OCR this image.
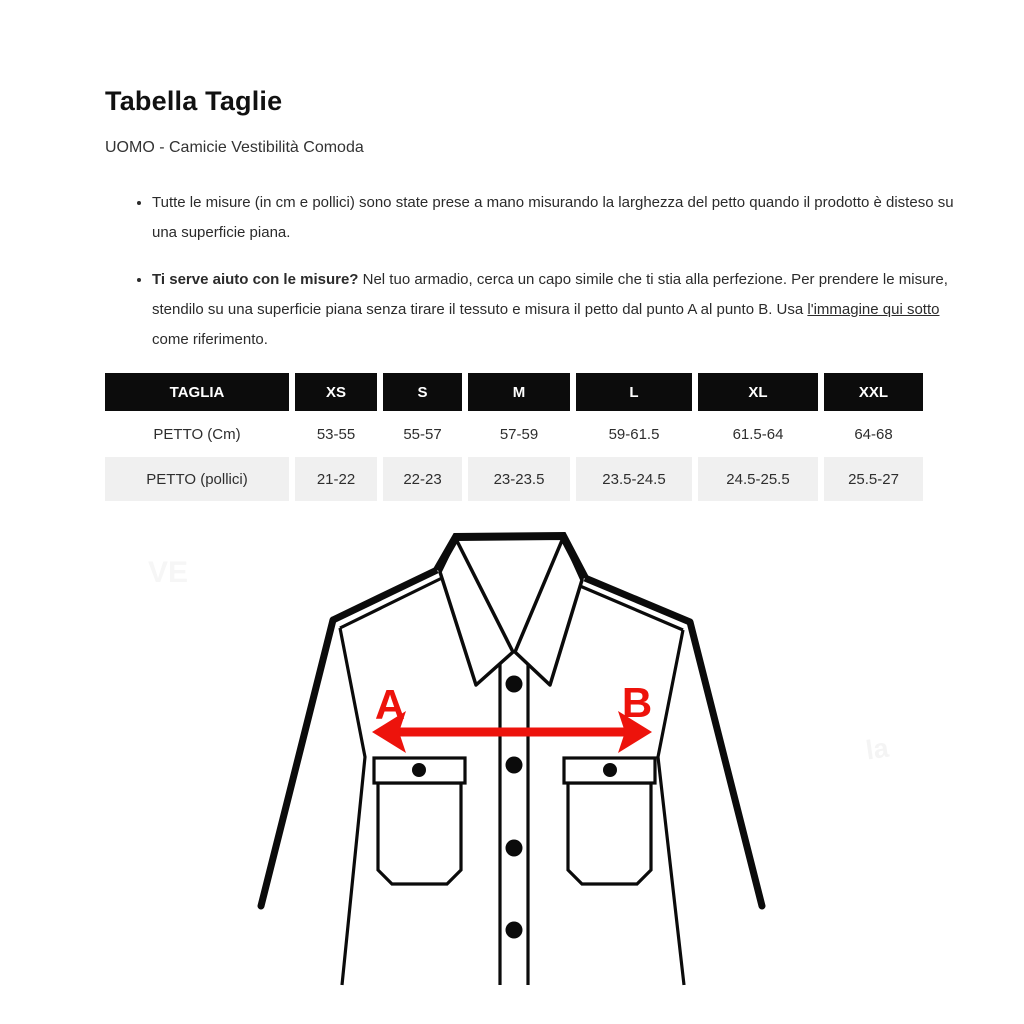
Tabella Taglie

UOMO - Camicie Vestibilità Comoda

• Tutte le misure (in cm e pollici) sono state prese a mano misurando la larghezza del petto quando il prodotto è disteso su
una superficie piana.
• Ti serve aiuto con le misure? Nel tuo armadio, cerca un capo simile che ti stia alla perfezione. Per prendere le misure,
stendilo su una superficie piana senza tirare il tessuto e misura il petto dal punto A al punto B. Usa l'immagine qui sotto
come riferimento.
TAGLIA	XS	S	M	L	XL	XXL
PETTO (Cm)	53-55	55-57	57-59	59-61.5	61.5-64	64-68
PETTO (pollici)	21-22	22-23	23-23.5	23.5-24.5	24.5-25.5	25.5-27
VE
la
A	B
